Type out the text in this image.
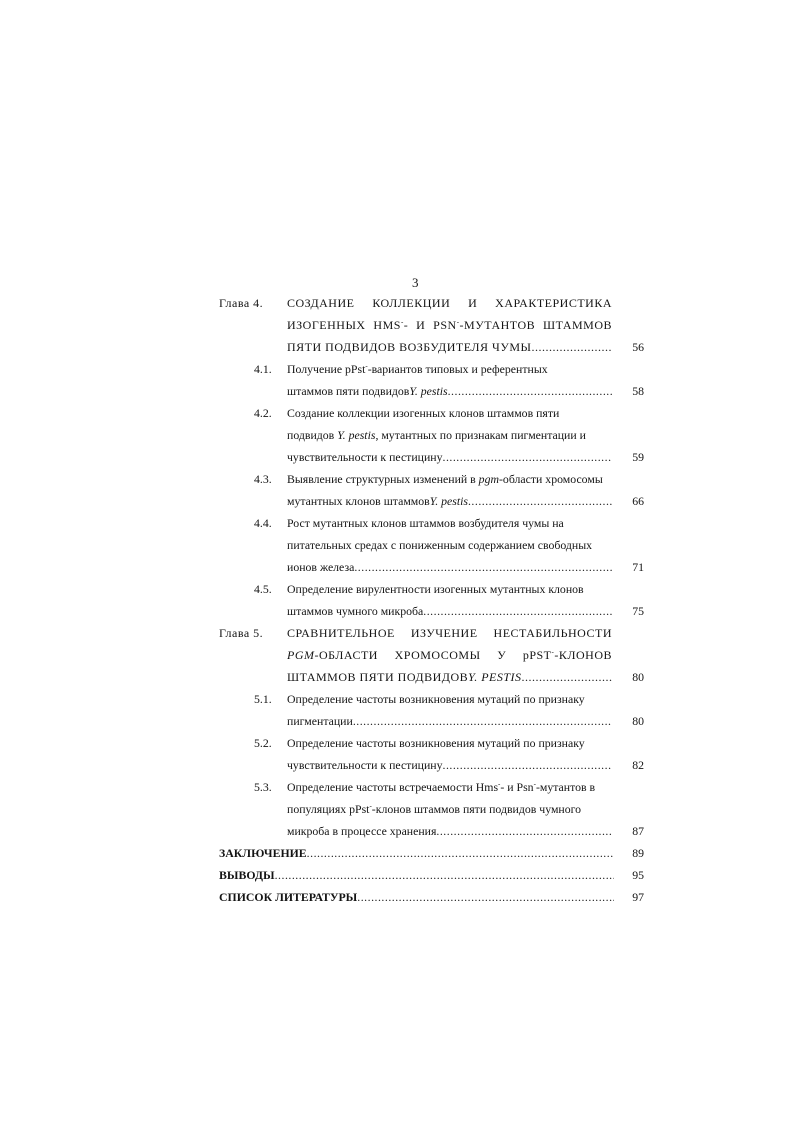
3
Глава 4. СОЗДАНИЕ КОЛЛЕКЦИИ И ХАРАКТЕРИСТИКА
ИЗОГЕННЫХ HMS-- И PSN--МУТАНТОВ ШТАММОВ
ПЯТИ ПОДВИДОВ ВОЗБУДИТЕЛЯ ЧУМЫ .....	56
4.1. Получение pPst--вариантов типовых и референтных
штаммов пяти подвидов Y. pestis .....	58
4.2. Создание коллекции изогенных клонов штаммов пяти
подвидов Y. pestis, мутантных по признакам пигментации и
чувствительности к пестицину .....	59
4.3. Выявление структурных изменений в pgm-области хромосомы
мутантных клонов штаммов Y. pestis .....	66
4.4. Рост мутантных клонов штаммов возбудителя чумы на
питательных средах с пониженным содержанием свободных
ионов железа .....	71
4.5. Определение вирулентности изогенных мутантных клонов
штаммов чумного микроба .....	75
Глава 5. СРАВНИТЕЛЬНОЕ ИЗУЧЕНИЕ НЕСТАБИЛЬНОСТИ
PGM-ОБЛАСТИ ХРОМОСОМЫ У pPST--КЛОНОВ
ШТАММОВ ПЯТИ ПОДВИДОВ Y. PESTIS .....	80
5.1. Определение частоты возникновения мутаций по признаку
пигментации .....	80
5.2. Определение частоты возникновения мутаций по признаку
чувствительности к пестицину .....	82
5.3. Определение частоты встречаемости Hms-- и Psn--мутантов в
популяциях pPst--клонов штаммов пяти подвидов чумного
микроба в процессе хранения .....	87
ЗАКЛЮЧЕНИЕ .....	89
ВЫВОДЫ .....	95
СПИСОК ЛИТЕРАТУРЫ .....	97
